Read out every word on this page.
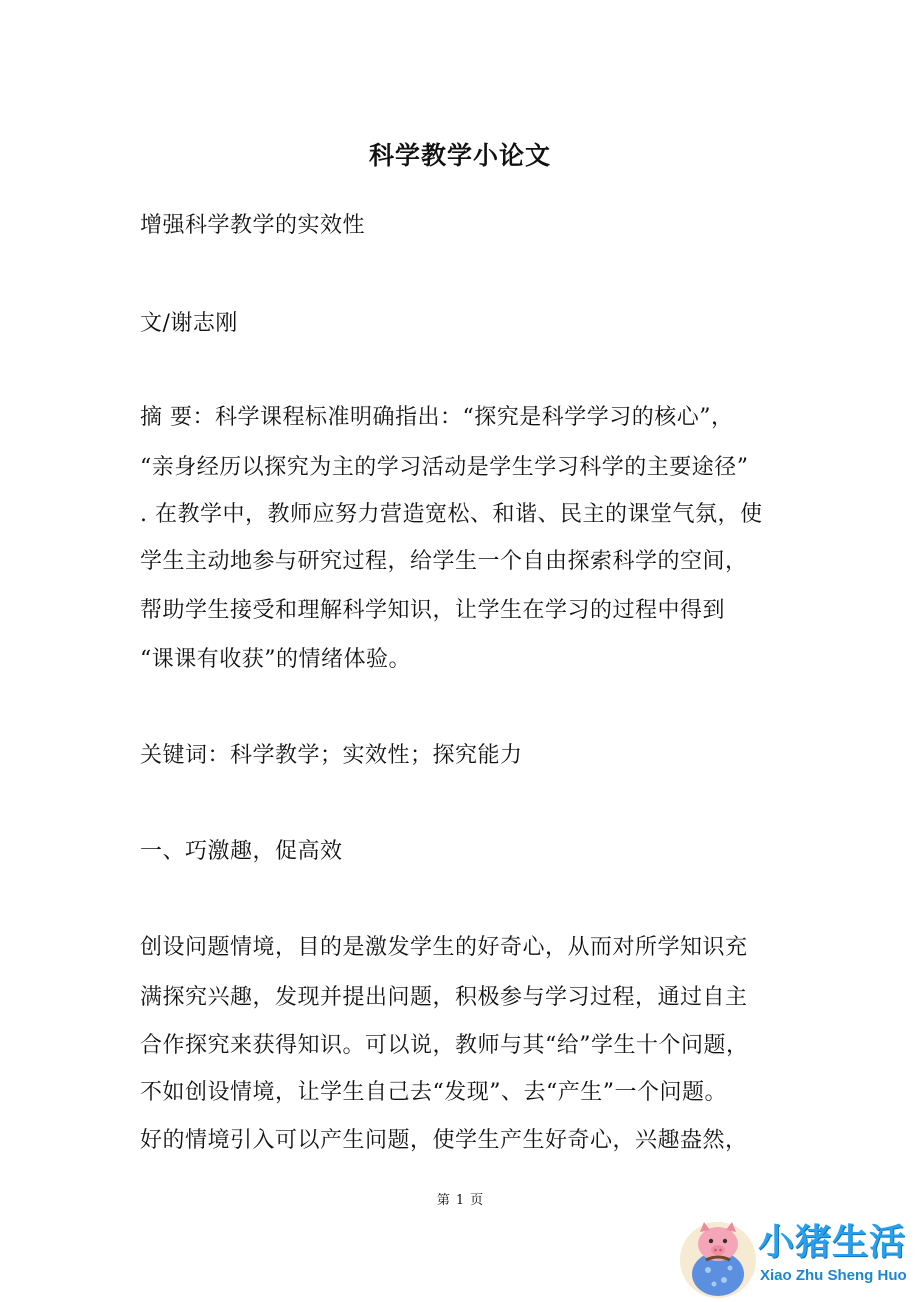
科学教学小论文
增强科学教学的实效性
文/谢志刚
摘 要：科学课程标准明确指出：“探究是科学学习的核心”，
“亲身经历以探究为主的学习活动是学生学习科学的主要途径”
. 在教学中，教师应努力营造宽松、和谐、民主的课堂气氛，使
学生主动地参与研究过程，给学生一个自由探索科学的空间，
帮助学生接受和理解科学知识，让学生在学习的过程中得到
“课课有收获”的情绪体验。
关键词：科学教学；实效性；探究能力
一、巧激趣，促高效
创设问题情境，目的是激发学生的好奇心，从而对所学知识充
满探究兴趣，发现并提出问题，积极参与学习过程，通过自主
合作探究来获得知识。可以说，教师与其“给”学生十个问题，
不如创设情境，让学生自己去“发现”、去“产生”一个问题。
好的情境引入可以产生问题，使学生产生好奇心，兴趣盎然，
第 1 页
小猪生活
Xiao Zhu Sheng Huo
